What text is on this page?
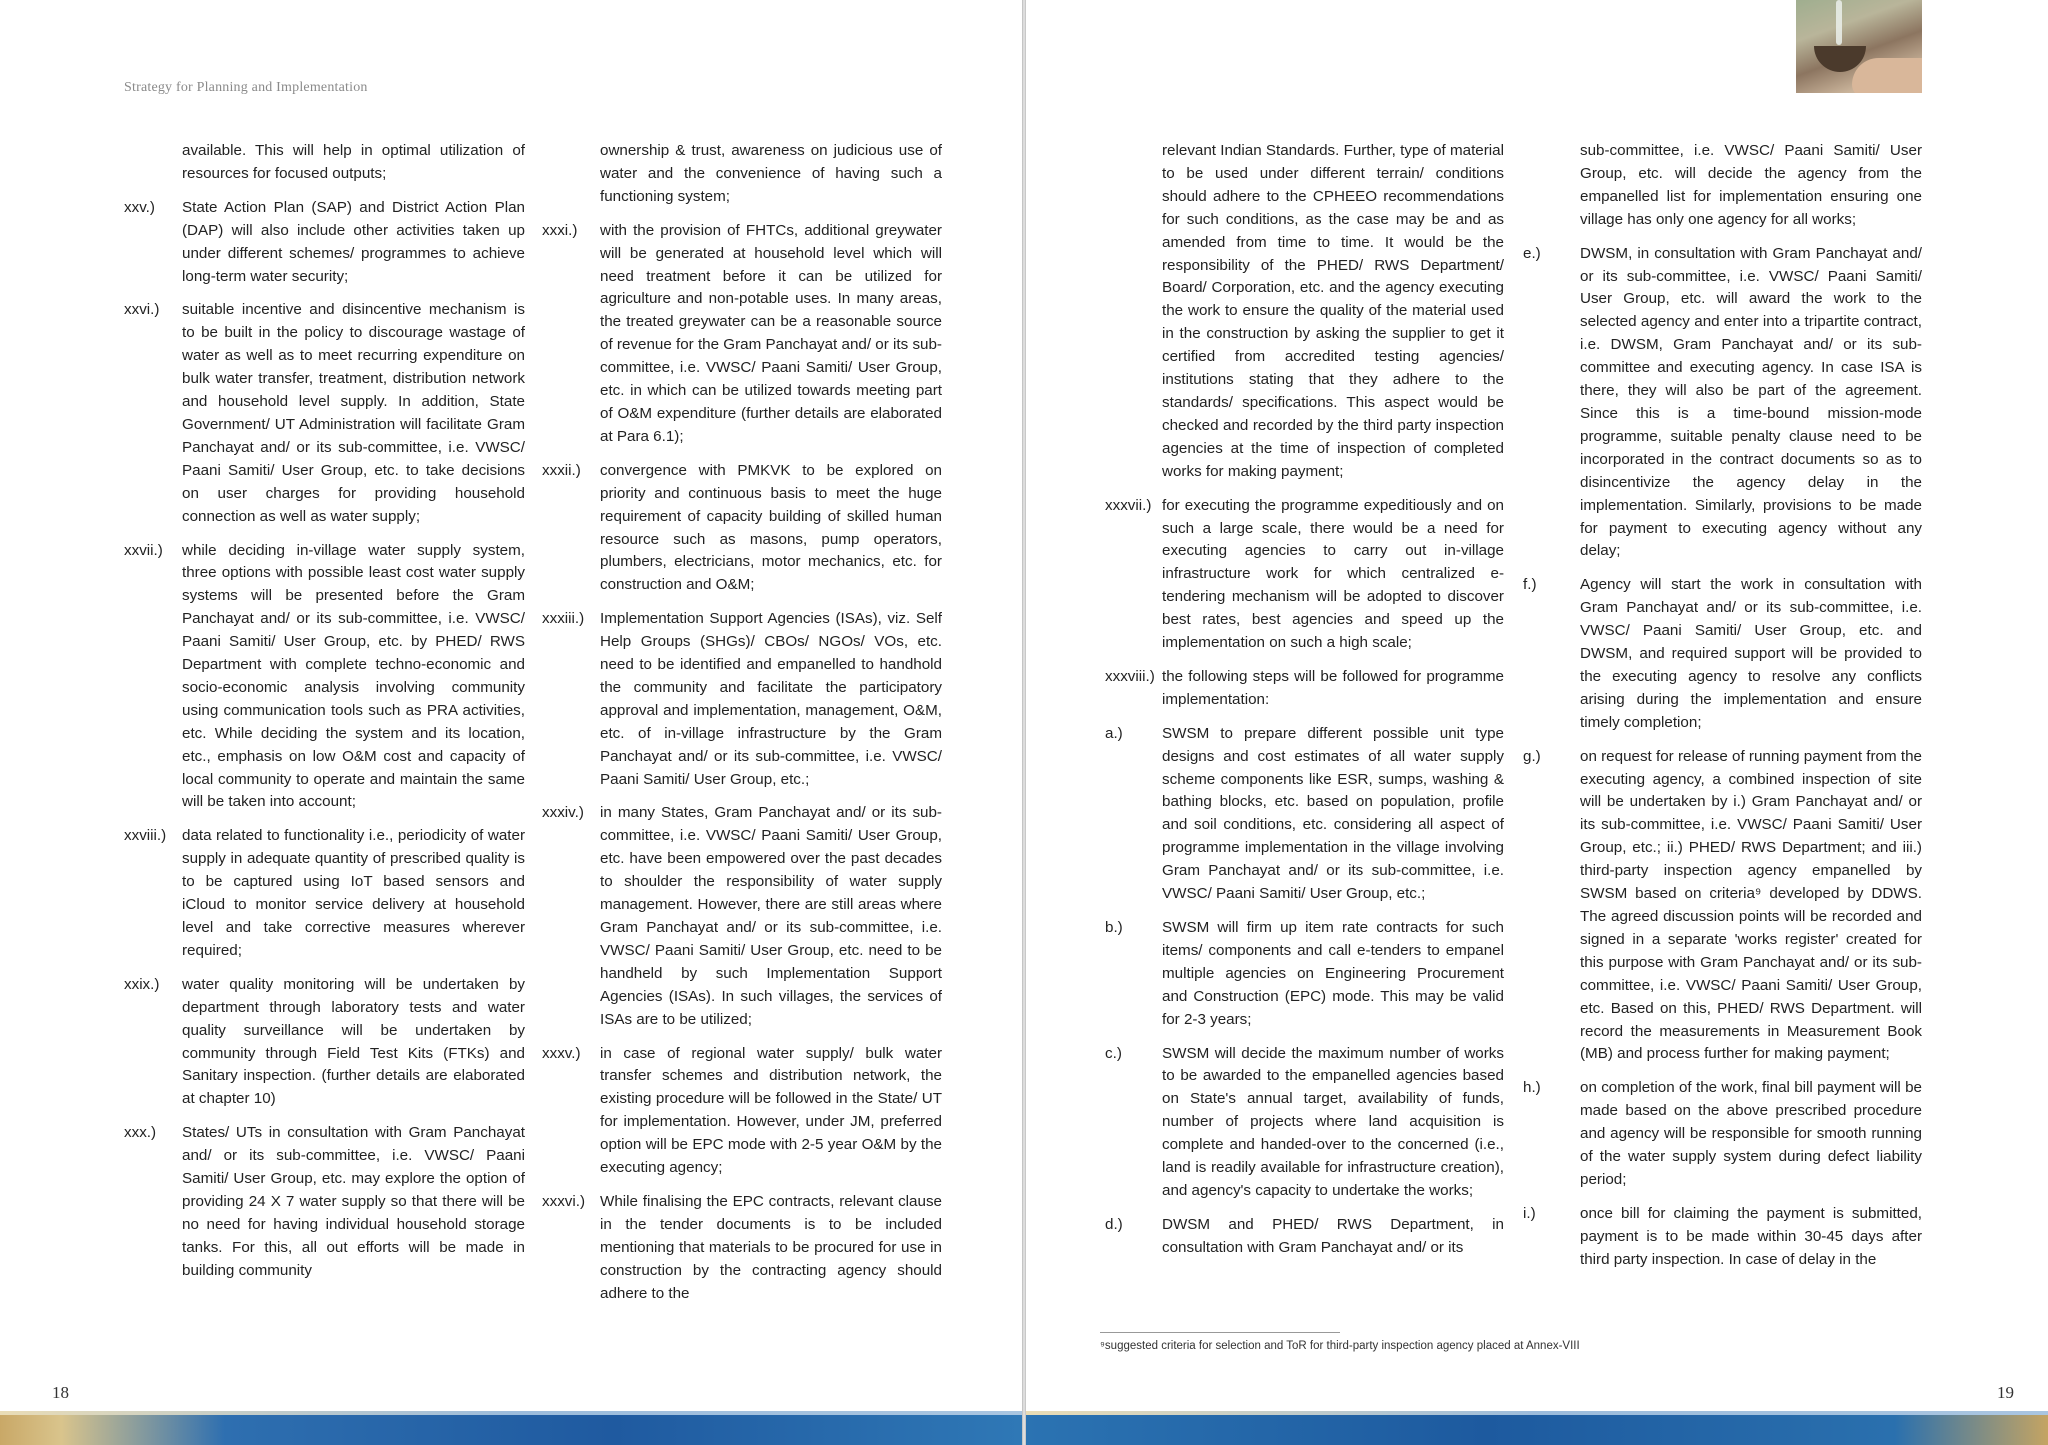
Strategy for Planning and Implementation
available. This will help in optimal utilization of resources for focused outputs;
xxv.)	State Action Plan (SAP) and District Action Plan (DAP) will also include other activities taken up under different schemes/ programmes to achieve long-term water security;
xxvi.)	suitable incentive and disincentive mechanism is to be built in the policy to discourage wastage of water as well as to meet recurring expenditure on bulk water transfer, treatment, distribution network and household level supply. In addition, State Government/ UT Administration will facilitate Gram Panchayat and/ or its sub-committee, i.e. VWSC/ Paani Samiti/ User Group, etc. to take decisions on user charges for providing household connection as well as water supply;
xxvii.)	while deciding in-village water supply system, three options with possible least cost water supply systems will be presented before the Gram Panchayat and/ or its sub-committee, i.e. VWSC/ Paani Samiti/ User Group, etc. by PHED/ RWS Department with complete techno-economic and socio-economic analysis involving community using communication tools such as PRA activities, etc. While deciding the system and its location, etc., emphasis on low O&M cost and capacity of local community to operate and maintain the same will be taken into account;
xxviii.)	data related to functionality i.e., periodicity of water supply in adequate quantity of prescribed quality is to be captured using IoT based sensors and iCloud to monitor service delivery at household level and take corrective measures wherever required;
xxix.)	water quality monitoring will be undertaken by department through laboratory tests and water quality surveillance will be undertaken by community through Field Test Kits (FTKs) and Sanitary inspection. (further details are elaborated at chapter 10)
xxx.)	States/ UTs in consultation with Gram Panchayat and/ or its sub-committee, i.e. VWSC/ Paani Samiti/ User Group, etc. may explore the option of providing 24 X 7 water supply so that there will be no need for having individual household storage tanks. For this, all out efforts will be made in building community
ownership & trust, awareness on judicious use of water and the convenience of having such a functioning system;
xxxi.)	with the provision of FHTCs, additional greywater will be generated at household level which will need treatment before it can be utilized for agriculture and non-potable uses. In many areas, the treated greywater can be a reasonable source of revenue for the Gram Panchayat and/ or its sub-committee, i.e. VWSC/ Paani Samiti/ User Group, etc. in which can be utilized towards meeting part of O&M expenditure (further details are elaborated at Para 6.1);
xxxii.)	convergence with PMKVK to be explored on priority and continuous basis to meet the huge requirement of capacity building of skilled human resource such as masons, pump operators, plumbers, electricians, motor mechanics, etc. for construction and O&M;
xxxiii.)	Implementation Support Agencies (ISAs), viz. Self Help Groups (SHGs)/ CBOs/ NGOs/ VOs, etc. need to be identified and empanelled to handhold the community and facilitate the participatory approval and implementation, management, O&M, etc. of in-village infrastructure by the Gram Panchayat and/ or its sub-committee, i.e. VWSC/ Paani Samiti/ User Group, etc.;
xxxiv.)	in many States, Gram Panchayat and/ or its sub-committee, i.e. VWSC/ Paani Samiti/ User Group, etc. have been empowered over the past decades to shoulder the responsibility of water supply management. However, there are still areas where Gram Panchayat and/ or its sub-committee, i.e. VWSC/ Paani Samiti/ User Group, etc. need to be handheld by such Implementation Support Agencies (ISAs). In such villages, the services of ISAs are to be utilized;
xxxv.)	in case of regional water supply/ bulk water transfer schemes and distribution network, the existing procedure will be followed in the State/ UT for implementation. However, under JM, preferred option will be EPC mode with 2-5 year O&M by the executing agency;
xxxvi.) While finalising the EPC contracts, relevant clause in the tender documents is to be included mentioning that materials to be procured for use in construction by the contracting agency should adhere to the
18
relevant Indian Standards. Further, type of material to be used under different terrain/ conditions should adhere to the CPHEEO recommendations for such conditions, as the case may be and as amended from time to time. It would be the responsibility of the PHED/ RWS Department/ Board/ Corporation, etc. and the agency executing the work to ensure the quality of the material used in the construction by asking the supplier to get it certified from accredited testing agencies/ institutions stating that they adhere to the standards/ specifications. This aspect would be checked and recorded by the third party inspection agencies at the time of inspection of completed works for making payment;
xxxvii.) for executing the programme expeditiously and on such a large scale, there would be a need for executing agencies to carry out in-village infrastructure work for which centralized e-tendering mechanism will be adopted to discover best rates, best agencies and speed up the implementation on such a high scale;
xxxviii.) the following steps will be followed for programme implementation:
a.)	SWSM to prepare different possible unit type designs and cost estimates of all water supply scheme components like ESR, sumps, washing & bathing blocks, etc. based on population, profile and soil conditions, etc. considering all aspect of programme implementation in the village involving Gram Panchayat and/ or its sub-committee, i.e. VWSC/ Paani Samiti/ User Group, etc.;
b.)	SWSM will firm up item rate contracts for such items/ components and call e-tenders to empanel multiple agencies on Engineering Procurement and Construction (EPC) mode. This may be valid for 2-3 years;
c.)	SWSM will decide the maximum number of works to be awarded to the empanelled agencies based on State's annual target, availability of funds, number of projects where land acquisition is complete and handed-over to the concerned (i.e., land is readily available for infrastructure creation), and agency's capacity to undertake the works;
d.)	DWSM and PHED/ RWS Department, in consultation with Gram Panchayat and/ or its
sub-committee, i.e. VWSC/ Paani Samiti/ User Group, etc. will decide the agency from the empanelled list for implementation ensuring one village has only one agency for all works;
e.)	DWSM, in consultation with Gram Panchayat and/ or its sub-committee, i.e. VWSC/ Paani Samiti/ User Group, etc. will award the work to the selected agency and enter into a tripartite contract, i.e. DWSM, Gram Panchayat and/ or its sub-committee and executing agency. In case ISA is there, they will also be part of the agreement. Since this is a time-bound mission-mode programme, suitable penalty clause need to be incorporated in the contract documents so as to disincentivize the agency delay in the implementation. Similarly, provisions to be made for payment to executing agency without any delay;
f.)	Agency will start the work in consultation with Gram Panchayat and/ or its sub-committee, i.e. VWSC/ Paani Samiti/ User Group, etc. and DWSM, and required support will be provided to the executing agency to resolve any conflicts arising during the implementation and ensure timely completion;
g.)	on request for release of running payment from the executing agency, a combined inspection of site will be undertaken by i.) Gram Panchayat and/ or its sub-committee, i.e. VWSC/ Paani Samiti/ User Group, etc.; ii.) PHED/ RWS Department; and iii.) third-party inspection agency empanelled by SWSM based on criteria⁹ developed by DDWS. The agreed discussion points will be recorded and signed in a separate 'works register' created for this purpose with Gram Panchayat and/ or its sub-committee, i.e. VWSC/ Paani Samiti/ User Group, etc. Based on this, PHED/ RWS Department. will record the measurements in Measurement Book (MB) and process further for making payment;
h.)	on completion of the work, final bill payment will be made based on the above prescribed procedure and agency will be responsible for smooth running of the water supply system during defect liability period;
i.)	once bill for claiming the payment is submitted, payment is to be made within 30-45 days after third party inspection. In case of delay in the
⁹suggested criteria for selection and ToR for third-party inspection agency placed at Annex-VIII
19
